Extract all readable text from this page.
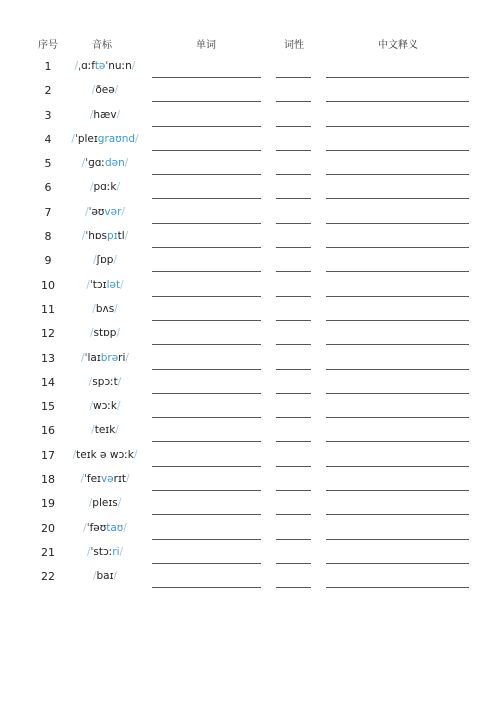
序号	音标	单词	词性	中文释义
1	/ˌɑːftəˈnuːn/
2	/ðeə/
3	/hæv/
4	/ˈpleɪgraʊnd/
5	/ˈɡɑːdən/
6	/pɑːk/
7	/ˈəʊvər/
8	/ˈhɒspɪtl/
9	/ʃɒp/
10	/ˈtɔɪlət/
11	/bʌs/
12	/stɒp/
13	/ˈlaɪbrəri/
14	/spɔːt/
15	/wɔːk/
16	/teɪk/
17	/teɪk ə wɔːk/
18	/ˈfeɪvərɪt/
19	/pleɪs/
20	/ˈfəʊtaʊ/
21	/ˈstɔːri/
22	/baɪ/
